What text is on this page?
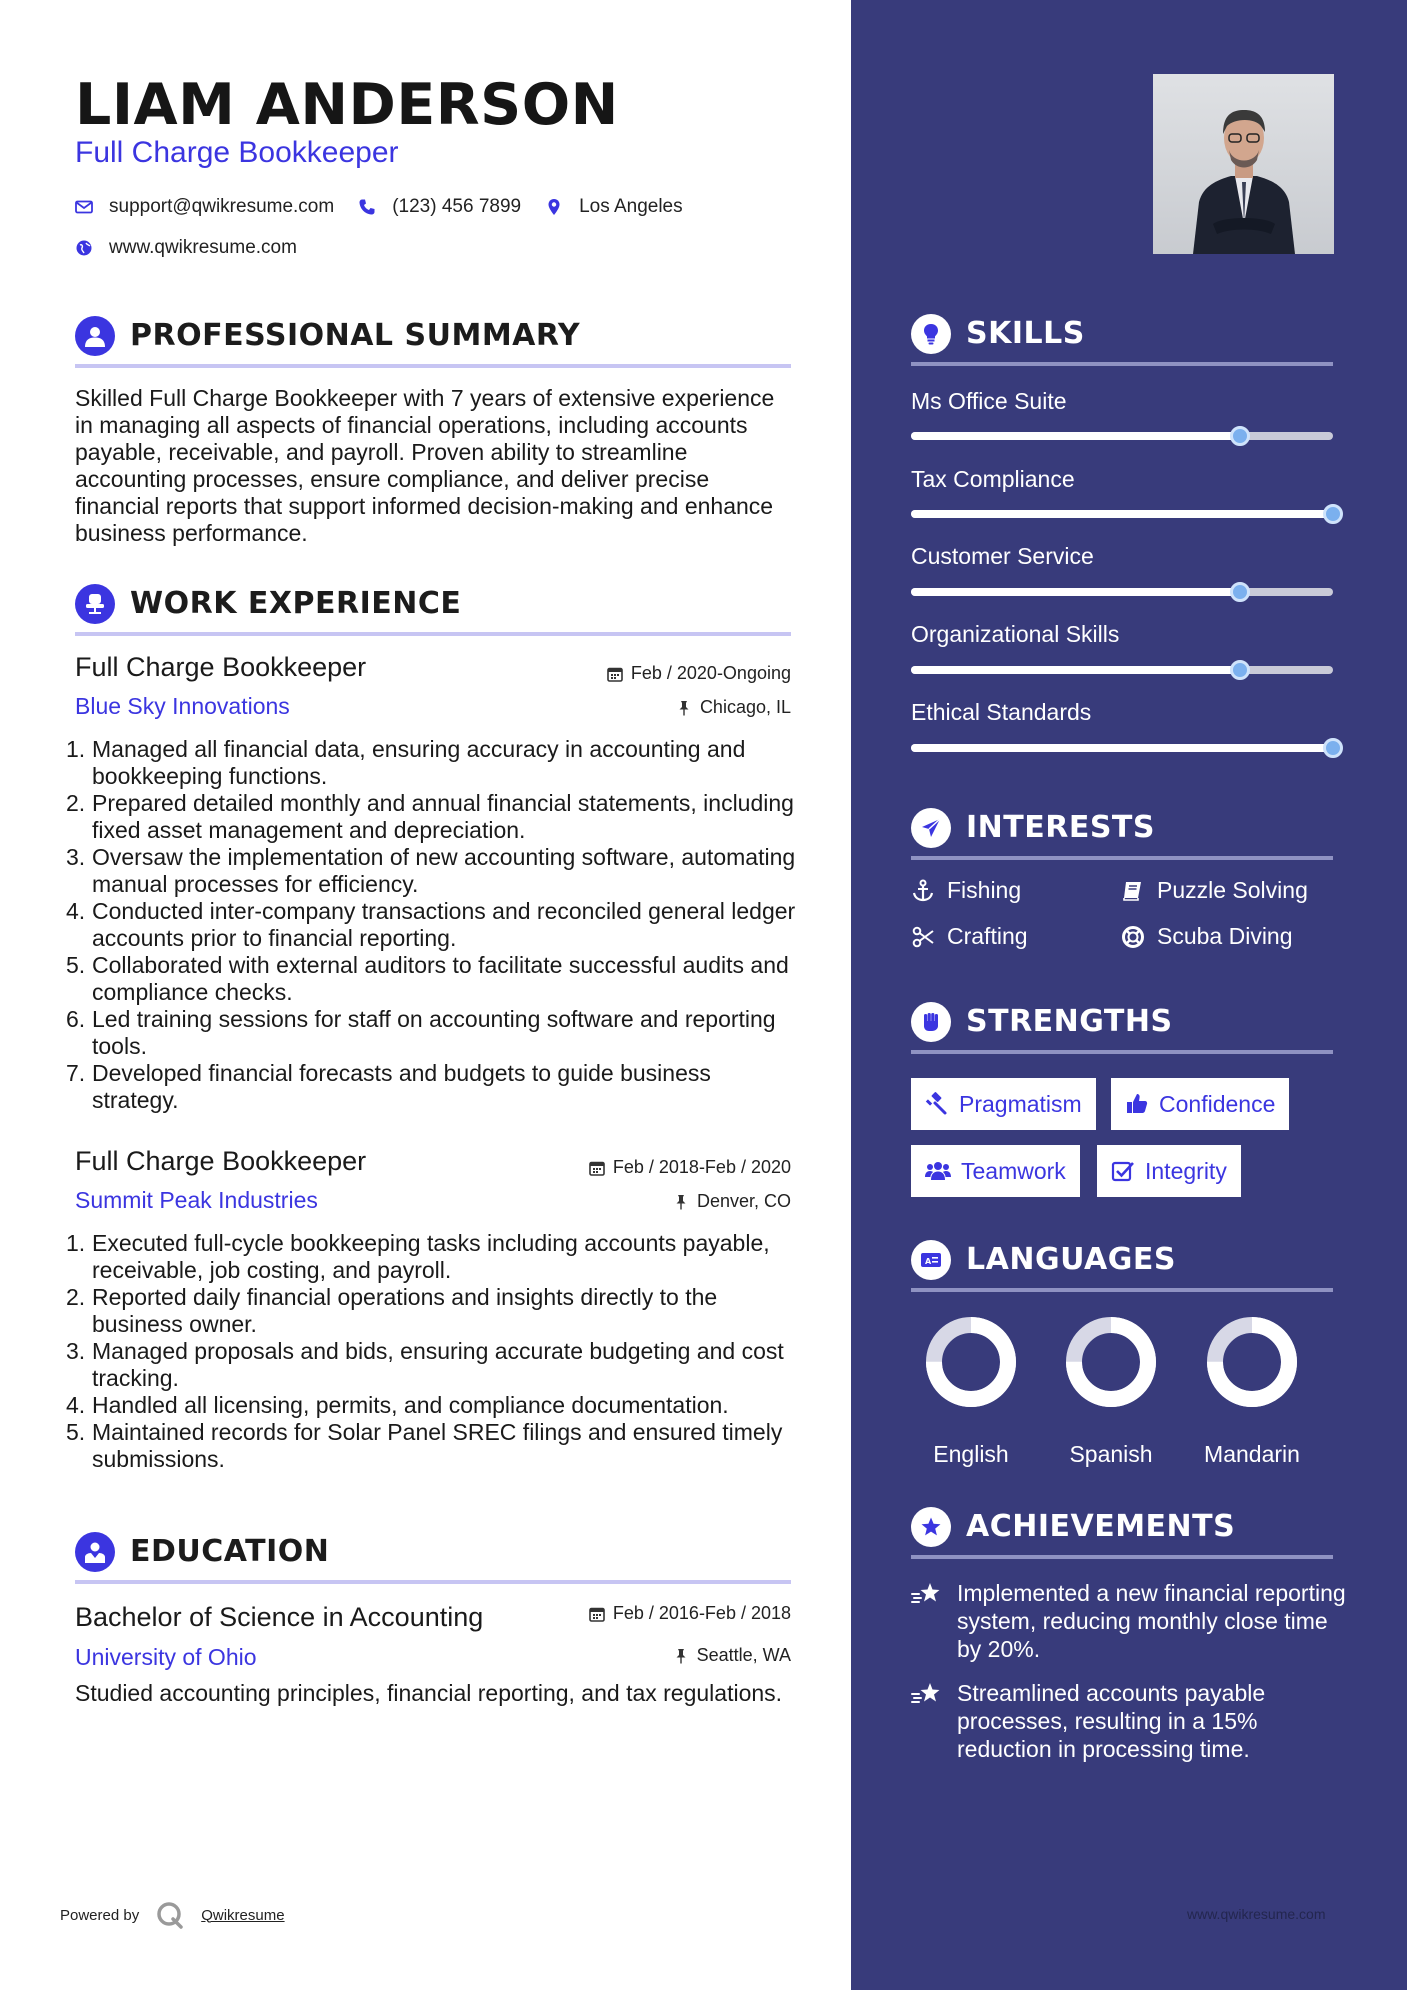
LIAM ANDERSON
Full Charge Bookkeeper
support@qwikresume.com	(123) 456 7899	Los Angeles
www.qwikresume.com
PROFESSIONAL SUMMARY
Skilled Full Charge Bookkeeper with 7 years of extensive experience in managing all aspects of financial operations, including accounts payable, receivable, and payroll. Proven ability to streamline accounting processes, ensure compliance, and deliver precise financial reports that support informed decision-making and enhance business performance.
WORK EXPERIENCE
Full Charge Bookkeeper	Feb / 2020-Ongoing
Blue Sky Innovations	Chicago, IL
1. Managed all financial data, ensuring accuracy in accounting and bookkeeping functions.
2. Prepared detailed monthly and annual financial statements, including fixed asset management and depreciation.
3. Oversaw the implementation of new accounting software, automating manual processes for efficiency.
4. Conducted inter-company transactions and reconciled general ledger accounts prior to financial reporting.
5. Collaborated with external auditors to facilitate successful audits and compliance checks.
6. Led training sessions for staff on accounting software and reporting tools.
7. Developed financial forecasts and budgets to guide business strategy.
Full Charge Bookkeeper	Feb / 2018-Feb / 2020
Summit Peak Industries	Denver, CO
1. Executed full-cycle bookkeeping tasks including accounts payable, receivable, job costing, and payroll.
2. Reported daily financial operations and insights directly to the business owner.
3. Managed proposals and bids, ensuring accurate budgeting and cost tracking.
4. Handled all licensing, permits, and compliance documentation.
5. Maintained records for Solar Panel SREC filings and ensured timely submissions.
EDUCATION
Bachelor of Science in Accounting	Feb / 2016-Feb / 2018
University of Ohio	Seattle, WA
Studied accounting principles, financial reporting, and tax regulations.
Powered by	Qwikresume
SKILLS
Ms Office Suite
Tax Compliance
Customer Service
Organizational Skills
Ethical Standards
INTERESTS
Fishing	Puzzle Solving
Crafting	Scuba Diving
STRENGTHS
Pragmatism	Confidence
Teamwork	Integrity
A LANGUAGES
English	Spanish	Mandarin
ACHIEVEMENTS
Implemented a new financial reporting system, reducing monthly close time by 20%.
Streamlined accounts payable processes, resulting in a 15% reduction in processing time.
www.qwikresume.com
